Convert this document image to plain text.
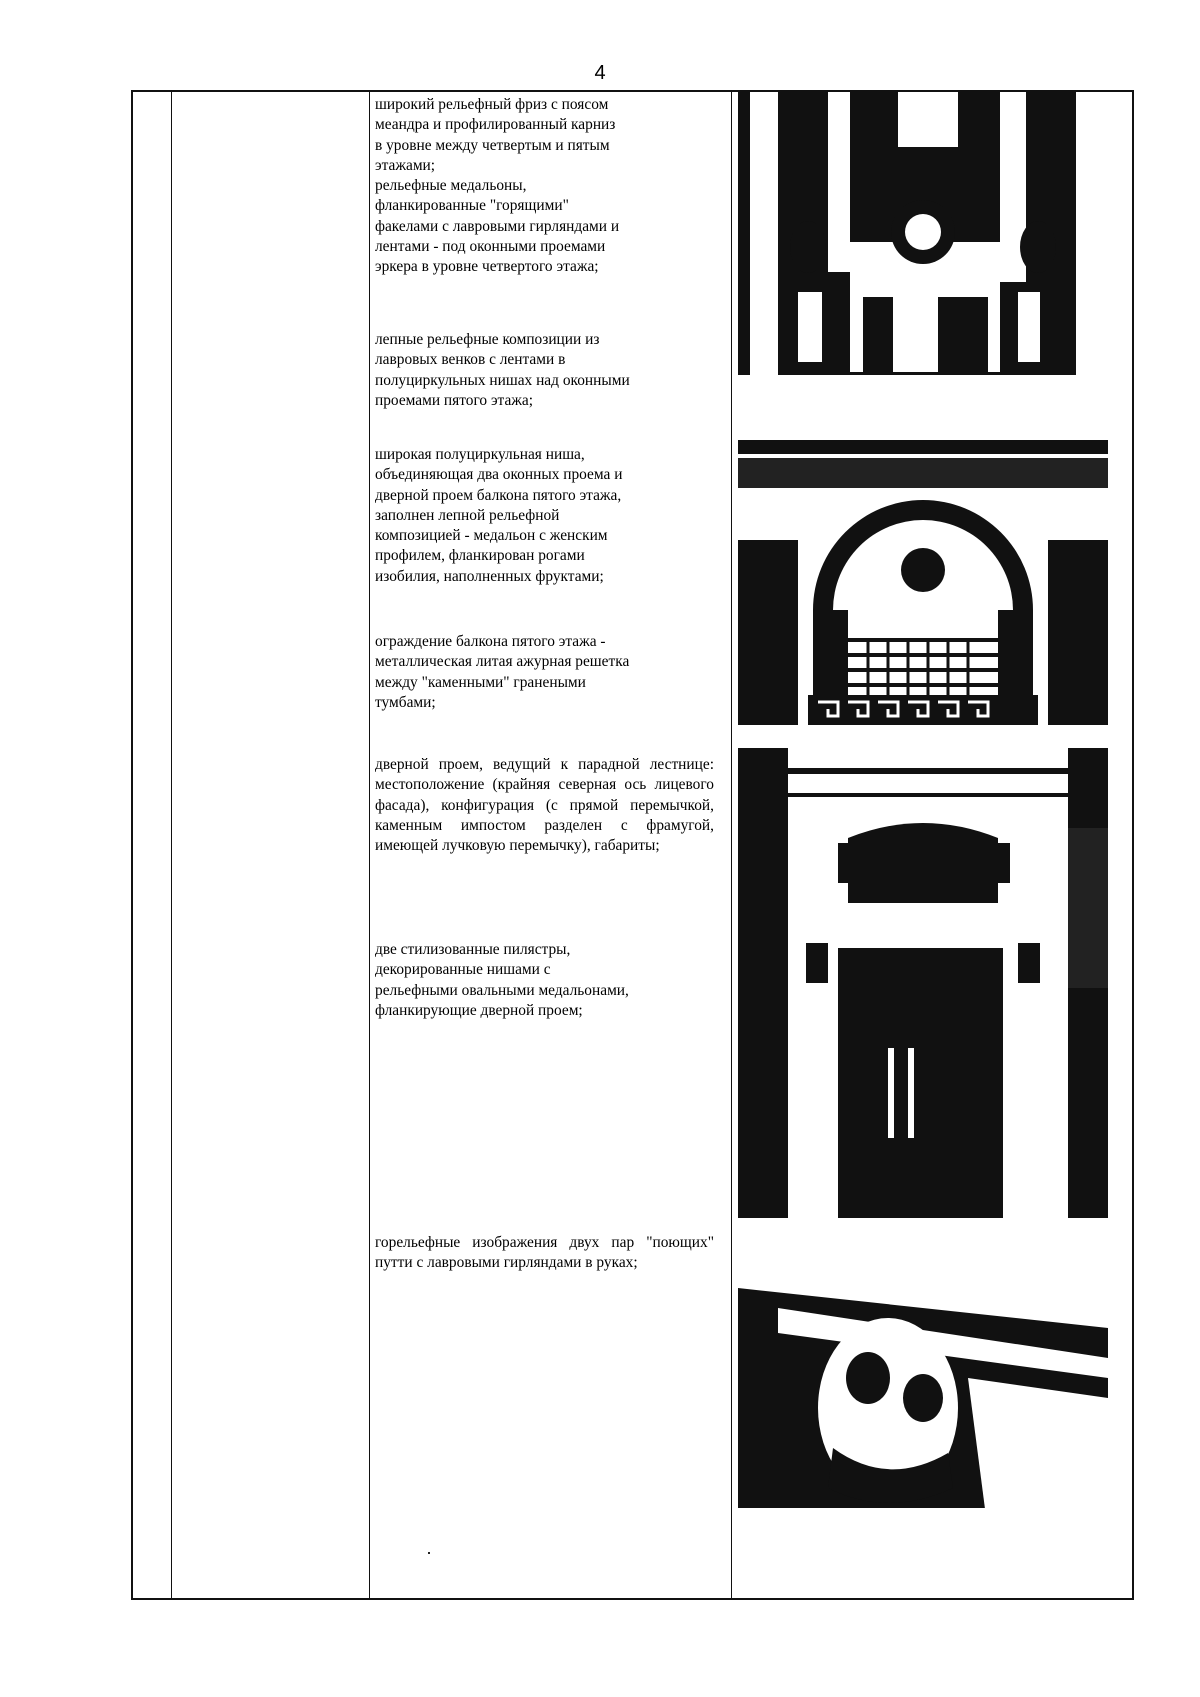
4
широкий рельефный фриз с поясом
меандра и профилированный карниз
в уровне между четвертым и пятым
этажами;
рельефные медальоны,
фланкированные "горящими"
факелами с лавровыми гирляндами и
лентами - под оконными проемами
эркера в уровне четвертого этажа;
лепные рельефные композиции из
лавровых венков с лентами в
полуциркульных нишах над оконными
проемами пятого этажа;
широкая полуциркульная ниша,
объединяющая два оконных проема и
дверной проем балкона пятого этажа,
заполнен лепной рельефной
композицией - медальон с женским
профилем, фланкирован рогами
изобилия, наполненных фруктами;
ограждение балкона пятого этажа -
металлическая литая ажурная решетка
между "каменными" гранеными
тумбами;
дверной проем, ведущий к парадной лестнице: местоположение (крайняя северная ось лицевого фасада), конфигурация (с прямой перемычкой, каменным импостом разделен с фрамугой, имеющей лучковую перемычку), габариты;
две стилизованные пилястры,
декорированные нишами с
рельефными овальными медальонами,
фланкирующие дверной проем;
горельефные изображения двух пар "поющих" путти с лавровыми гирляндами в руках;
